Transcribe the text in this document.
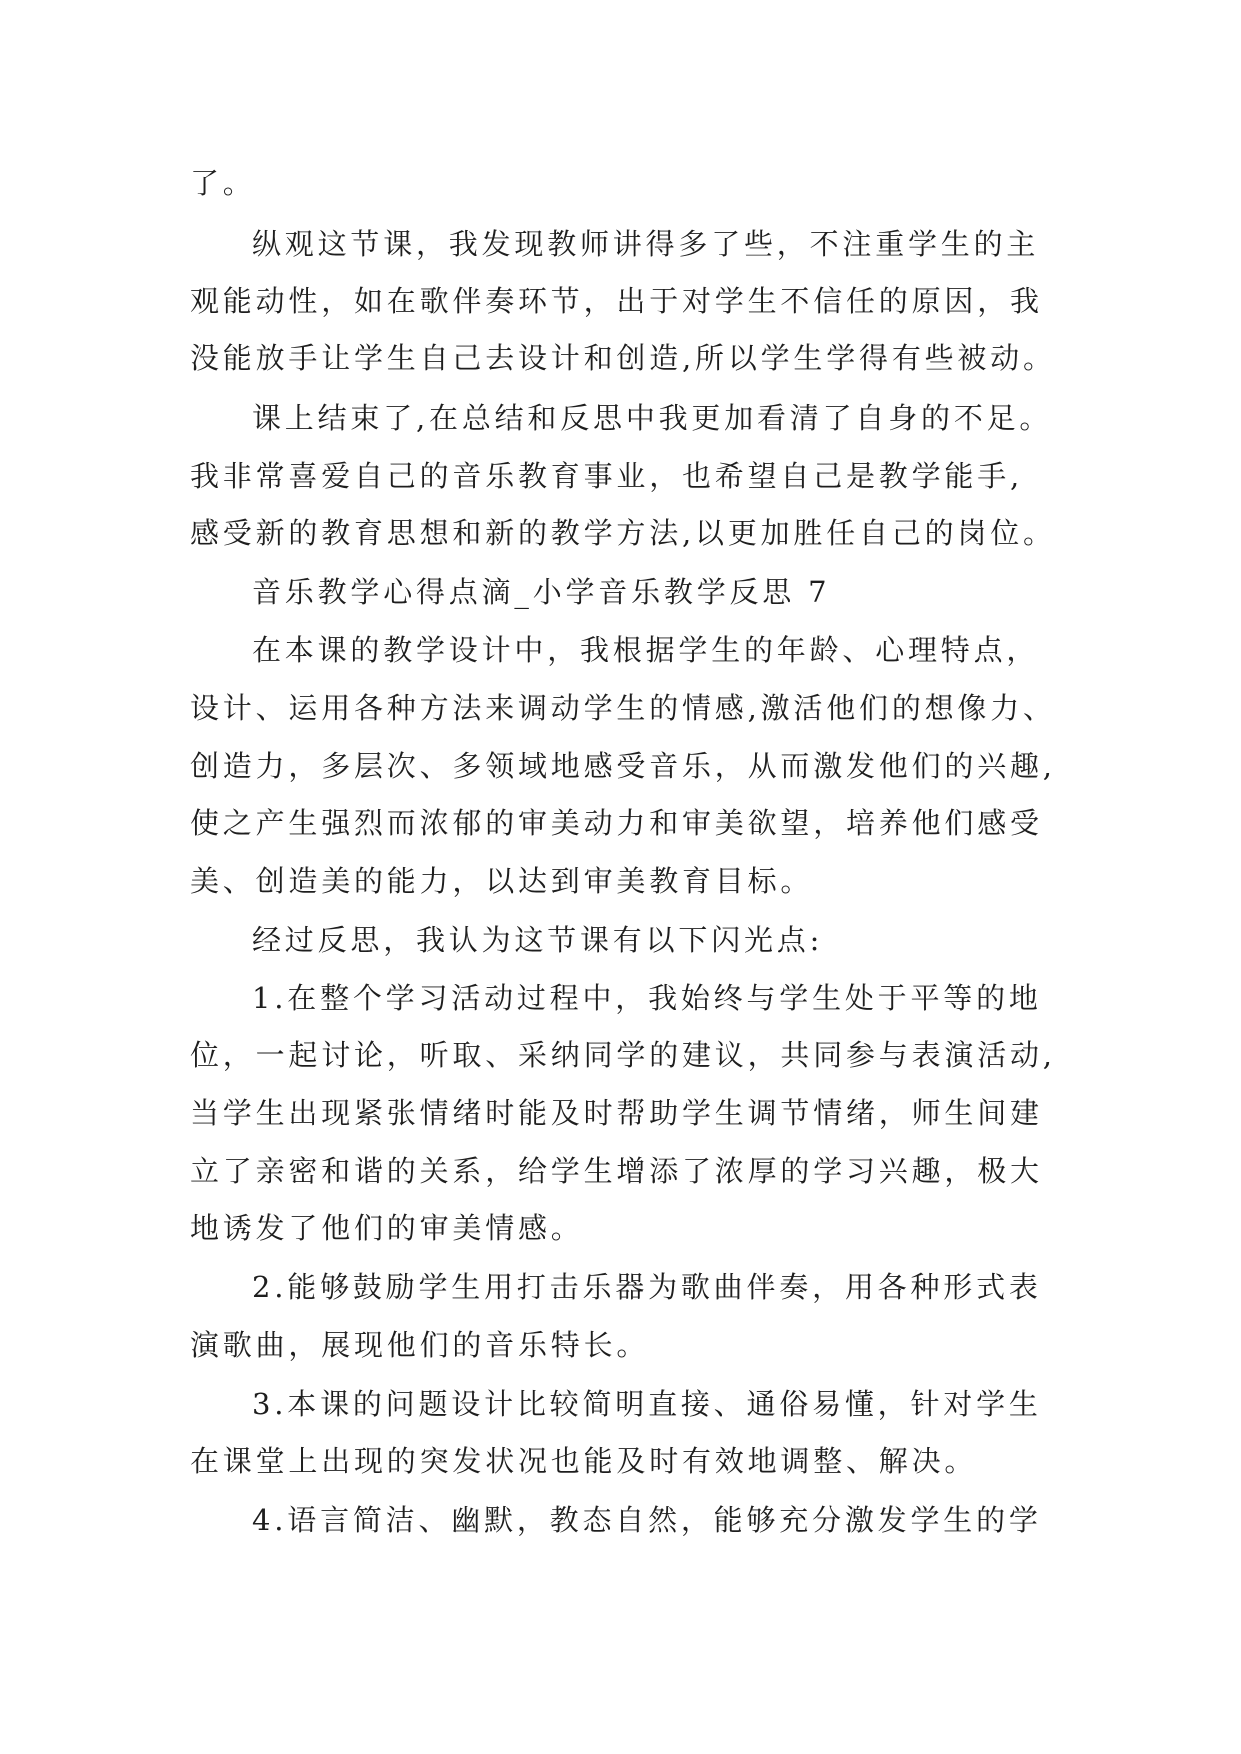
了。
纵观这节课，我发现教师讲得多了些，不注重学生的主
观能动性，如在歌伴奏环节，出于对学生不信任的原因，我
没能放手让学生自己去设计和创造,所以学生学得有些被动。
课上结束了,在总结和反思中我更加看清了自身的不足。
我非常喜爱自己的音乐教育事业，也希望自己是教学能手,
感受新的教育思想和新的教学方法,以更加胜任自己的岗位。
音乐教学心得点滴_小学音乐教学反思 7
在本课的教学设计中，我根据学生的年龄、心理特点，
设计、运用各种方法来调动学生的情感,激活他们的想像力、
创造力，多层次、多领域地感受音乐，从而激发他们的兴趣,
使之产生强烈而浓郁的审美动力和审美欲望，培养他们感受
美、创造美的能力，以达到审美教育目标。
经过反思，我认为这节课有以下闪光点:
1.在整个学习活动过程中，我始终与学生处于平等的地
位，一起讨论，听取、采纳同学的建议，共同参与表演活动,
当学生出现紧张情绪时能及时帮助学生调节情绪，师生间建
立了亲密和谐的关系，给学生增添了浓厚的学习兴趣，极大
地诱发了他们的审美情感。
2.能够鼓励学生用打击乐器为歌曲伴奏，用各种形式表
演歌曲，展现他们的音乐特长。
3.本课的问题设计比较简明直接、通俗易懂，针对学生
在课堂上出现的突发状况也能及时有效地调整、解决。
4.语言简洁、幽默，教态自然，能够充分激发学生的学
